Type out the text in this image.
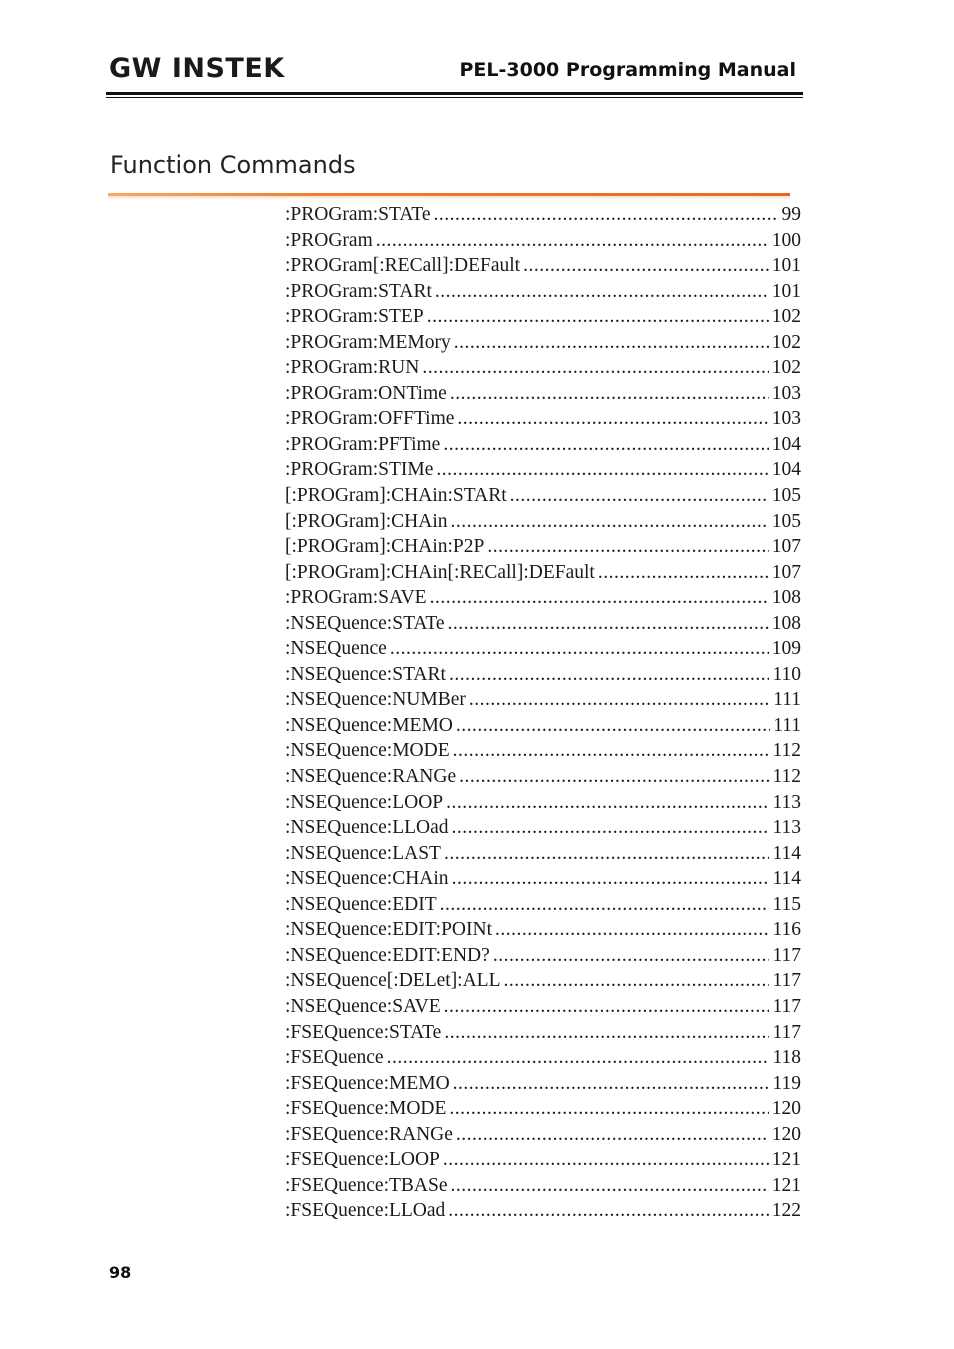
GW INSTEK	PEL-3000 Programming Manual
Function Commands
:PROGram:STATe .....	99
:PROGram .....	100
:PROGram[:RECall]:DEFault .....	101
:PROGram:STARt .....	101
:PROGram:STEP .....	102
:PROGram:MEMory .....	102
:PROGram:RUN .....	102
:PROGram:ONTime .....	103
:PROGram:OFFTime .....	103
:PROGram:PFTime .....	104
:PROGram:STIMe .....	104
[:PROGram]:CHAin:STARt .....	105
[:PROGram]:CHAin .....	105
[:PROGram]:CHAin:P2P .....	107
[:PROGram]:CHAin[:RECall]:DEFault .....	107
:PROGram:SAVE .....	108
:NSEQuence:STATe .....	108
:NSEQuence .....	109
:NSEQuence:STARt .....	110
:NSEQuence:NUMBer .....	111
:NSEQuence:MEMO .....	111
:NSEQuence:MODE .....	112
:NSEQuence:RANGe .....	112
:NSEQuence:LOOP .....	113
:NSEQuence:LLOad .....	113
:NSEQuence:LAST .....	114
:NSEQuence:CHAin .....	114
:NSEQuence:EDIT .....	115
:NSEQuence:EDIT:POINt .....	116
:NSEQuence:EDIT:END? .....	117
:NSEQuence[:DELet]:ALL .....	117
:NSEQuence:SAVE .....	117
:FSEQuence:STATe .....	117
:FSEQuence .....	118
:FSEQuence:MEMO .....	119
:FSEQuence:MODE .....	120
:FSEQuence:RANGe .....	120
:FSEQuence:LOOP .....	121
:FSEQuence:TBASe .....	121
:FSEQuence:LLOad .....	122
98
